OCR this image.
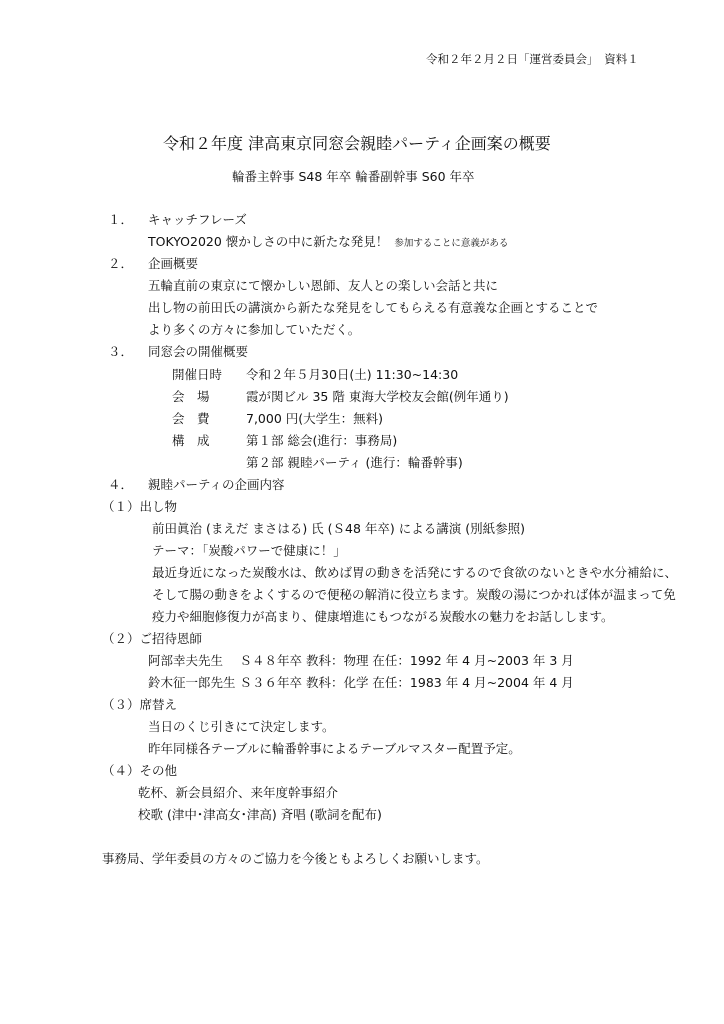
令和２年２月２日「運営委員会」　資料１
令和２年度 津高東京同窓会親睦パーティ企画案の概要
輪番主幹事 S48 年卒 輪番副幹事 S60 年卒
１． キャッチフレーズ
TOKYO2020 懐かしさの中に新たな発見！ 参加することに意義がある
２． 企画概要
五輪直前の東京にて懐かしい恩師、友人との楽しい会話と共に
出し物の前田氏の講演から新たな発見をしてもらえる有意義な企画とすることで
より多くの方々に参加していただく。
３． 同窓会の開催概要
開催日時 令和２年５月30日(土) 11:30~14:30
会　場	霞が関ビル 35 階 東海大学校友会館(例年通り)
会　費	7,000 円(大学生：無料)
構　成	第１部 総会(進行：事務局)
第２部 親睦パーティ (進行：輪番幹事)
４． 親睦パーティの企画内容
（１）出し物
前田眞治 (まえだ まさはる) 氏 (Ｓ48 年卒) による講演 (別紙参照)
テーマ：「炭酸パワーで健康に！」
最近身近になった炭酸水は、飲めば胃の動きを活発にするので食欲のないときや水分補給に、
そして腸の動きをよくするので便秘の解消に役立ちます。炭酸の湯につかれば体が温まって免
疫力や細胞修復力が高まり、健康増進にもつながる炭酸水の魅力をお話しします。
（２）ご招待恩師
阿部幸夫先生　 Ｓ４８年卒 教科：物理 在任：1992 年 4 月~2003 年 3 月
鈴木征一郎先生 Ｓ３６年卒 教科：化学 在任：1983 年 4 月~2004 年 4 月
（３）席替え
当日のくじ引きにて決定します。
昨年同様各テーブルに輪番幹事によるテーブルマスター配置予定。
（４）その他
乾杯、新会員紹介、来年度幹事紹介
校歌 (津中･津高女･津高) 斉唱 (歌詞を配布)
事務局、学年委員の方々のご協力を今後ともよろしくお願いします。
